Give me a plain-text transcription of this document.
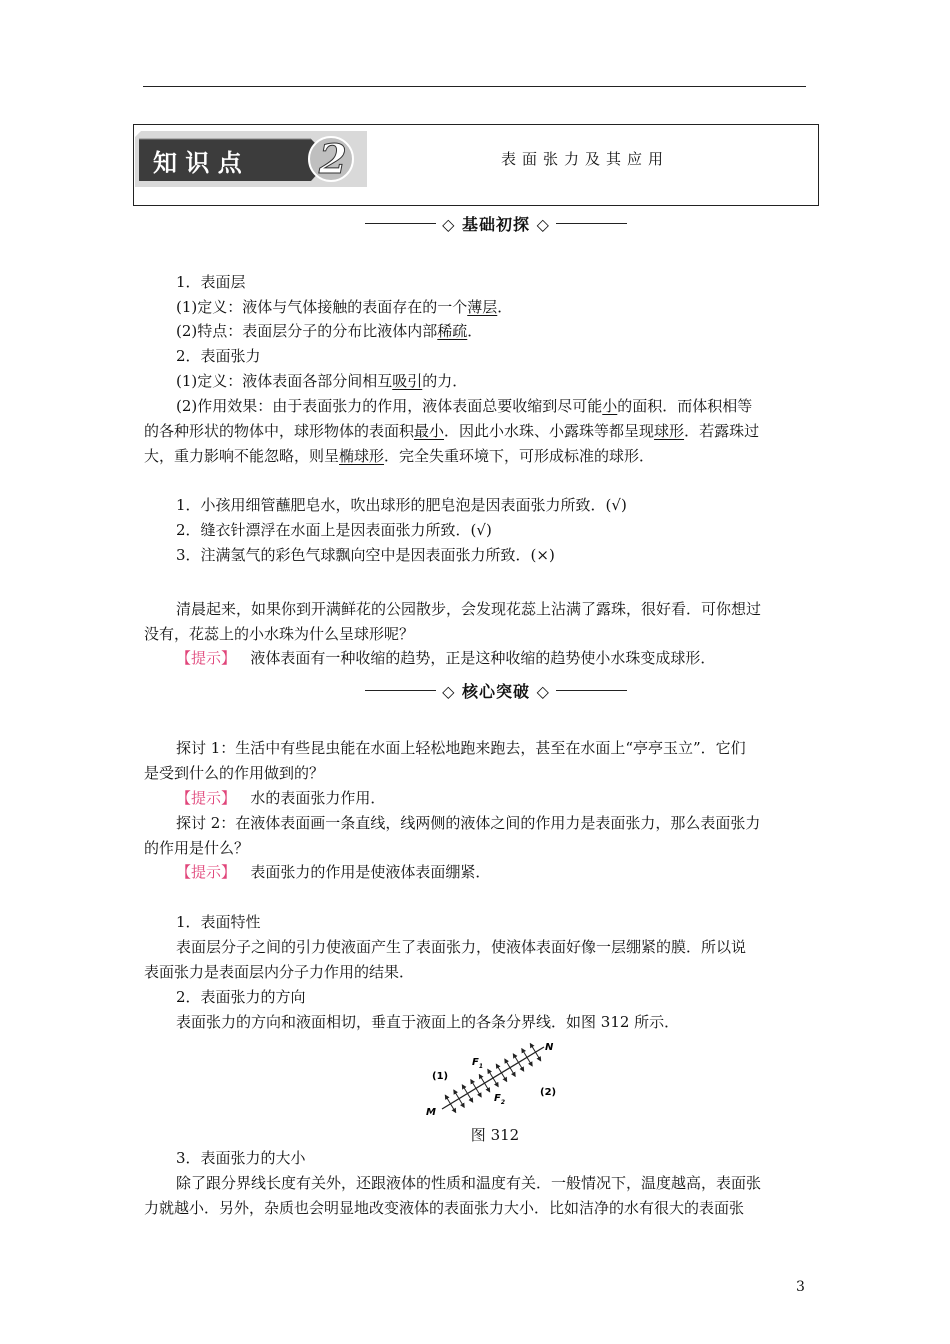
知 识 点 2	表面张力及其应用
◇ 基础初探 ◇
1．表面层
(1)定义：液体与气体接触的表面存在的一个薄层．
(2)特点：表面层分子的分布比液体内部稀疏．
2．表面张力
(1)定义：液体表面各部分间相互吸引的力．
(2)作用效果：由于表面张力的作用，液体表面总要收缩到尽可能小的面积．而体积相等
的各种形状的物体中，球形物体的表面积最小．因此小水珠、小露珠等都呈现球形．若露珠过
大，重力影响不能忽略，则呈椭球形．完全失重环境下，可形成标准的球形．
1．小孩用细管蘸肥皂水，吹出球形的肥皂泡是因表面张力所致．(√)
2．缝衣针漂浮在水面上是因表面张力所致．(√)
3．注满氢气的彩色气球飘向空中是因表面张力所致．(×)
清晨起来，如果你到开满鲜花的公园散步，会发现花蕊上沾满了露珠，很好看．可你想过
没有，花蕊上的小水珠为什么呈球形呢？
【提示】 液体表面有一种收缩的趋势，正是这种收缩的趋势使小水珠变成球形．
◇ 核心突破 ◇
探讨 1：生活中有些昆虫能在水面上轻松地跑来跑去，甚至在水面上“亭亭玉立”．它们
是受到什么的作用做到的？
【提示】 水的表面张力作用．
探讨 2：在液体表面画一条直线，线两侧的液体之间的作用力是表面张力，那么表面张力
的作用是什么？
【提示】 表面张力的作用是使液体表面绷紧．
1．表面特性
表面层分子之间的引力使液面产生了表面张力，使液体表面好像一层绷紧的膜．所以说
表面张力是表面层内分子力作用的结果．
2．表面张力的方向
表面张力的方向和液面相切，垂直于液面上的各条分界线．如图 312 所示．
N
M
$F_1$
$F_2$
(1)
(2)
图 312
3．表面张力的大小
除了跟分界线长度有关外，还跟液体的性质和温度有关．一般情况下，温度越高，表面张
力就越小．另外，杂质也会明显地改变液体的表面张力大小．比如洁净的水有很大的表面张
3
